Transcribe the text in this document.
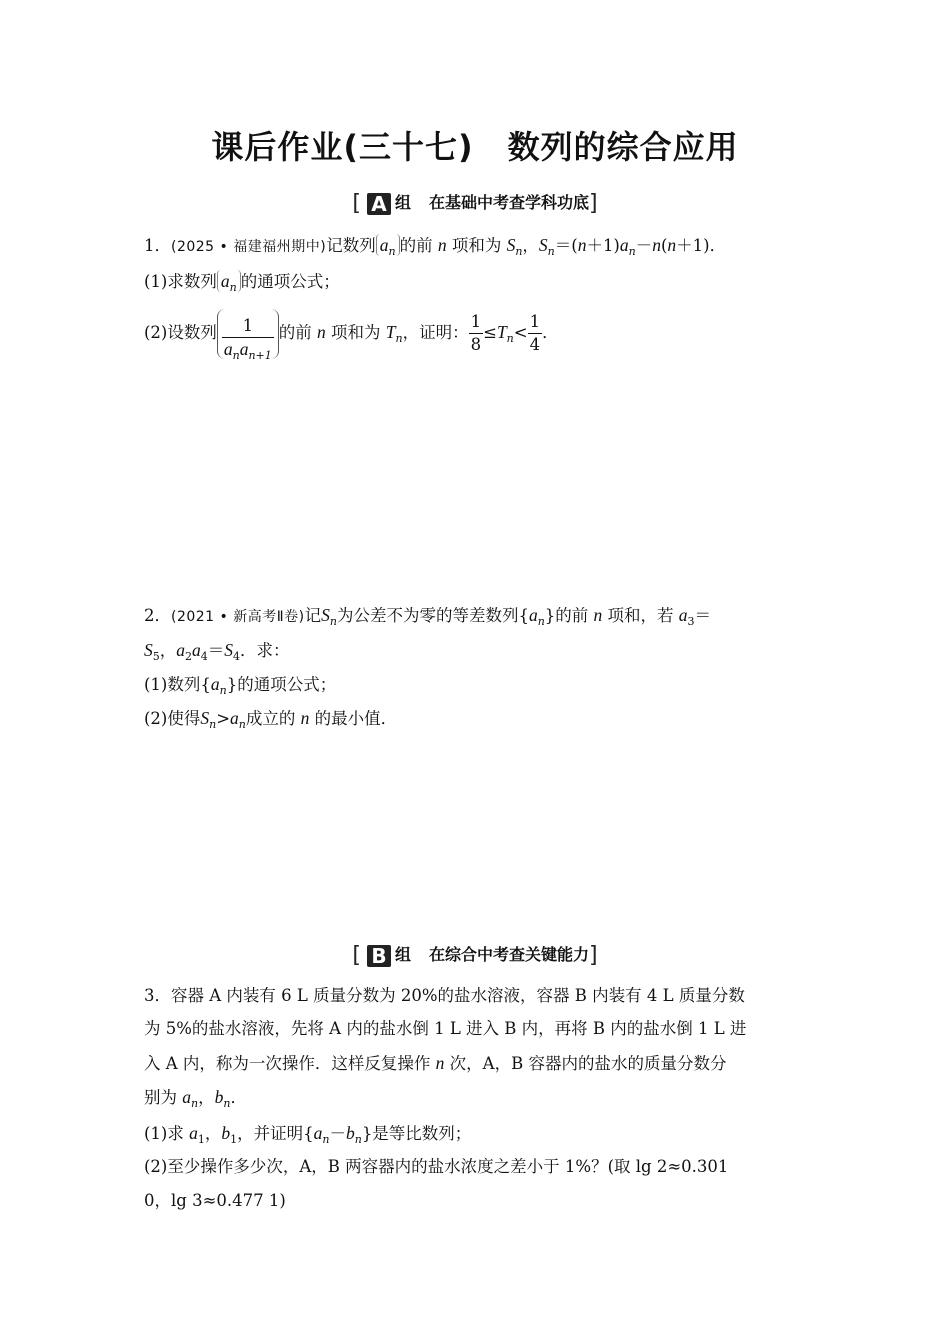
课后作业(三十七) 数列的综合应用
[ A 组 在基础中考查学科功底]
1．(2025 • 福建福州期中)记数列 $a_n$ 的前 n 项和为 $S_n$，$S_n=(n+1)a_n-n(n+1)$．
(1)求数列 $a_n$ 的通项公式；
(2)设数列 $\frac{1}{a_na_{n+1}}$ 的前 n 项和为 $T_n$，证明： $\frac{1}{8} \le T_n< \frac{1}{4}$ ．
2．(2021 • 新高考Ⅱ卷)记$S_n$为公差不为零的等差数列$\{a_n\}$的前 n 项和，若 $a_3=$
$S_5$，$a_2a_4=S_4$．求：
(1)数列$\{a_n\}$的通项公式；
(2)使得$S_n>a_n$成立的 n 的最小值．
[ B 组 在综合中考查关键能力]
3．容器 A 内装有 6 L 质量分数为 20%的盐水溶液，容器 B 内装有 4 L 质量分数
为 5%的盐水溶液，先将 A 内的盐水倒 1 L 进入 B 内，再将 B 内的盐水倒 1 L 进
入 A 内，称为一次操作．这样反复操作 n 次，A，B 容器内的盐水的质量分数分
别为 $a_n$，$b_n$．
(1)求 $a_1$，$b_1$，并证明$\{a_n-b_n\}$是等比数列；
(2)至少操作多少次，A，B 两容器内的盐水浓度之差小于 1%？(取 lg 2≈0.301
0，lg 3≈0.477 1)
